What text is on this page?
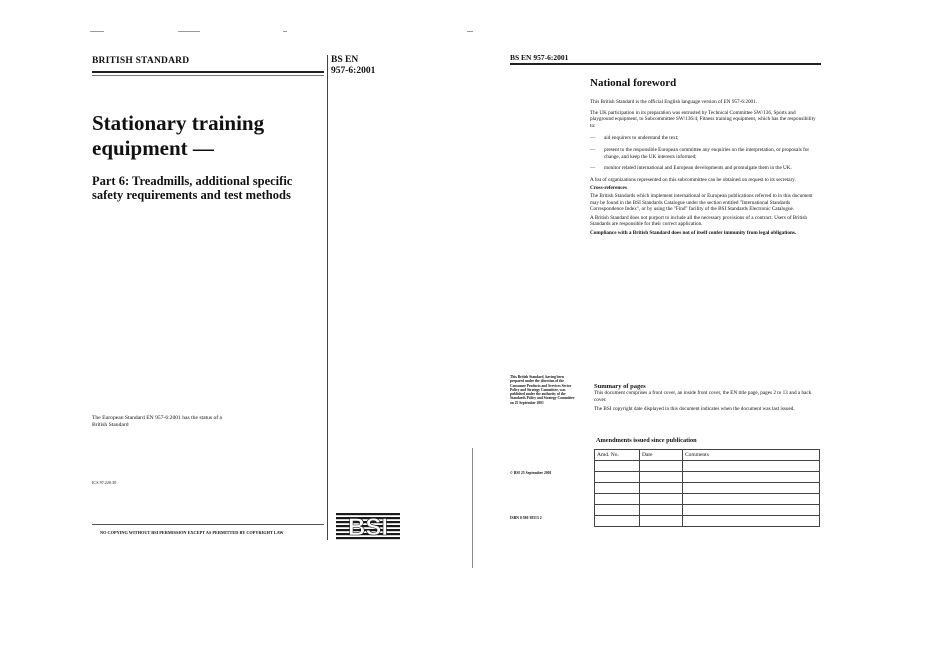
BRITISH STANDARD	BS EN
957-6:2001
Stationary training
equipment —
Part 6: Treadmills, additional specific
safety requirements and test methods
The European Standard EN 957-6:2001 has the status of a
British Standard
ICS 97.220.30
NO COPYING WITHOUT BSI PERMISSION EXCEPT AS PERMITTED BY COPYRIGHT LAW	BSI
BS EN 957-6:2001
National foreword

This British Standard is the official English language version of EN 957-6:2001.

The UK participation in its preparation was entrusted by Technical Committee SW/136, Sports and playground equipment, to Subcommittee SW/136/4, Fitness training equipment, which has the responsibility to:

—	aid enquirers to understand the text;
—	present to the responsible European committee any enquiries on the interpretation, or proposals for change, and keep the UK interests informed;
—	monitor related international and European developments and promulgate them in the UK.

A list of organizations represented on this subcommittee can be obtained on request to its secretary.

Cross-references

The British Standards which implement international or European publications referred to in this document may be found in the BSI Standards Catalogue under the section entitled "International Standards Correspondence Index", or by using the "Find" facility of the BSI Standards Electronic Catalogue.

A British Standard does not purport to include all the necessary provisions of a contract. Users of British Standards are responsible for their correct application.

Compliance with a British Standard does not of itself confer immunity from legal obligations.

This British Standard, having been prepared under the direction of the Consumer Products and Services Sector Policy and Strategy Committee, was published under the authority of the Standards Policy and Strategy Committee on 25 September 2001
© BSI 25 September 2001
ISBN 0 580 38513 2
Summary of pages
This document comprises a front cover, an inside front cover, the EN title page, pages 2 to 13 and a back cover.
The BSI copyright date displayed in this document indicates when the document was last issued.
Amendments issued since publication
Amd. No.	Date	Comments
